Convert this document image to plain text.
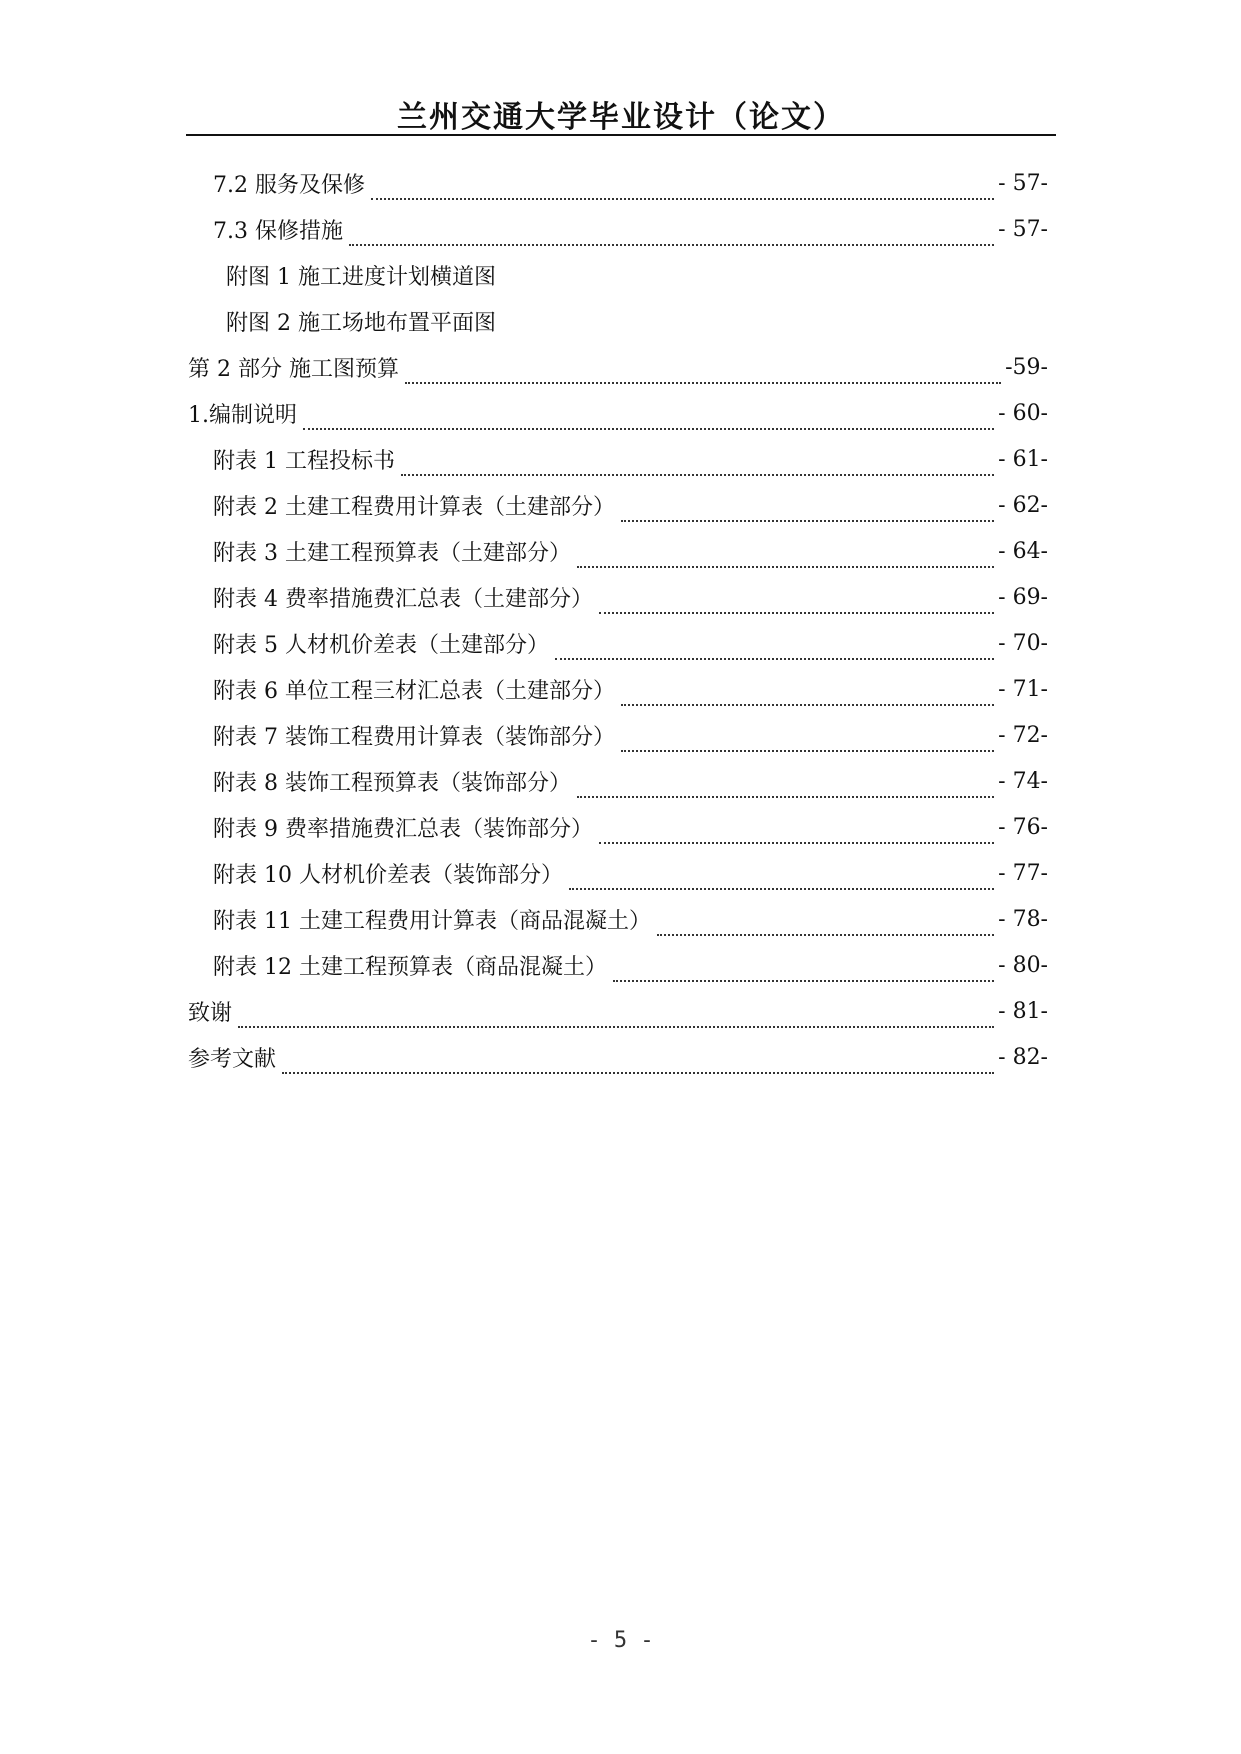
兰州交通大学毕业设计（论文）
7.2 服务及保修	- 57-
7.3 保修措施	- 57-
附图 1 施工进度计划横道图
附图 2 施工场地布置平面图
第 2 部分 施工图预算	-59-
1.编制说明	- 60-
附表 1 工程投标书	- 61-
附表 2 土建工程费用计算表（土建部分）	- 62-
附表 3 土建工程预算表（土建部分）	- 64-
附表 4 费率措施费汇总表（土建部分）	- 69-
附表 5 人材机价差表（土建部分）	- 70-
附表 6 单位工程三材汇总表（土建部分）	- 71-
附表 7 装饰工程费用计算表（装饰部分）	- 72-
附表 8 装饰工程预算表（装饰部分）	- 74-
附表 9 费率措施费汇总表（装饰部分）	- 76-
附表 10 人材机价差表（装饰部分）	- 77-
附表 11 土建工程费用计算表（商品混凝土）	- 78-
附表 12 土建工程预算表（商品混凝土）	- 80-
致谢	- 81-
参考文献	- 82-
- 5 -
